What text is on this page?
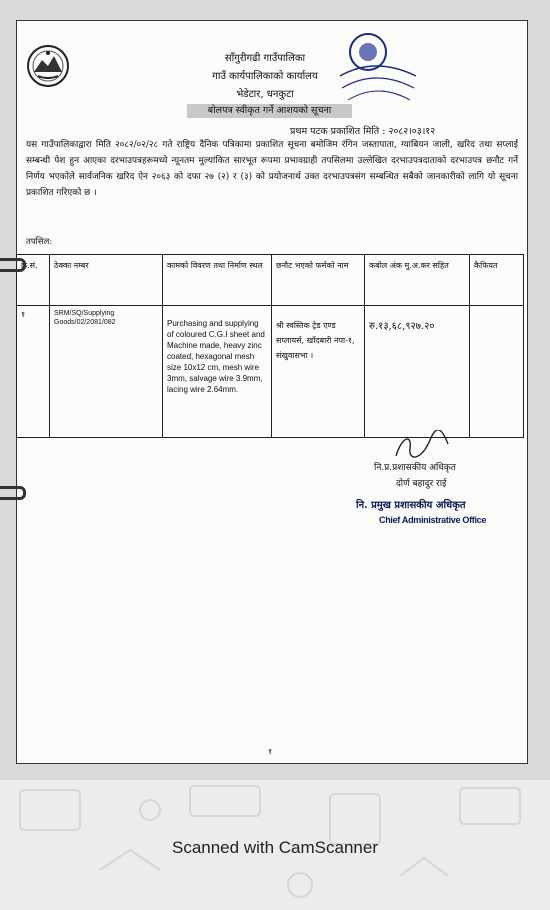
साँगुरीगढी गाउँपालिका
गाउँ कार्यपालिकाको कार्यालय
भेडेटार, धनकुटा
बोलपत्र स्वीकृत गर्ने आशयको सूचना
प्रथम पटक प्रकाशित मिति : २०८२।०३।१२
यस गाउँपालिकाद्वारा मिति २०८२/०२/२८ गते राष्ट्रिय दैनिक पत्रिकामा प्रकाशित सूचना बमोजिम रंगिन जस्तापाता, ग्याबियन जाली, खरिद तथा सप्लाई सम्बन्धी पेश हुन आएका दरभाउपत्रहरूमध्ये न्यूनतम मुल्यांकित सारभूत रूपमा प्रभावग्राही तपसिलमा उल्लेखित दरभाउपत्रदाताको दरभाउपत्र छनौट गर्ने निर्णय भएकोले सार्वजनिक खरिद ऐन २०६३ को दफा २७ (२) र (३) को प्रयोजनार्थ उक्त दरभाउपत्रसंग सम्बन्धित सबैको जानकारीको लागि यो सूचना प्रकाशित गरिएको छ ।
तपसिल:
क्र.सं.	ठेक्का नम्बर	कामको विवरण तथा निर्माण स्थल	छनौट भएको फर्मको नाम	कबोल अंक मु.अ.कर सहित	कैफियत
१	SRM/SQ/Supplying Goods/02/2081/082	Purchasing and supplying of coloured C.G.I sheet and Machine made, heavy zinc coated, hexagonal mesh size 10x12 cm, mesh wire 3mm, salvage wire 3.9mm, lacing wire 2.64mm.	श्री स्वस्तिक ट्रेड एण्ड सप्लायर्स, खाँदबारी नपा-१, संखुवासभा ।	रु.१३,६८,९२७.२०	
नि.प्र.प्रशासकीय अधिकृत
दोर्ण बहादुर राई
नि. प्रमुख प्रशासकीय अधिकृत
Chief Administrative Office
१
Scanned with CamScanner
